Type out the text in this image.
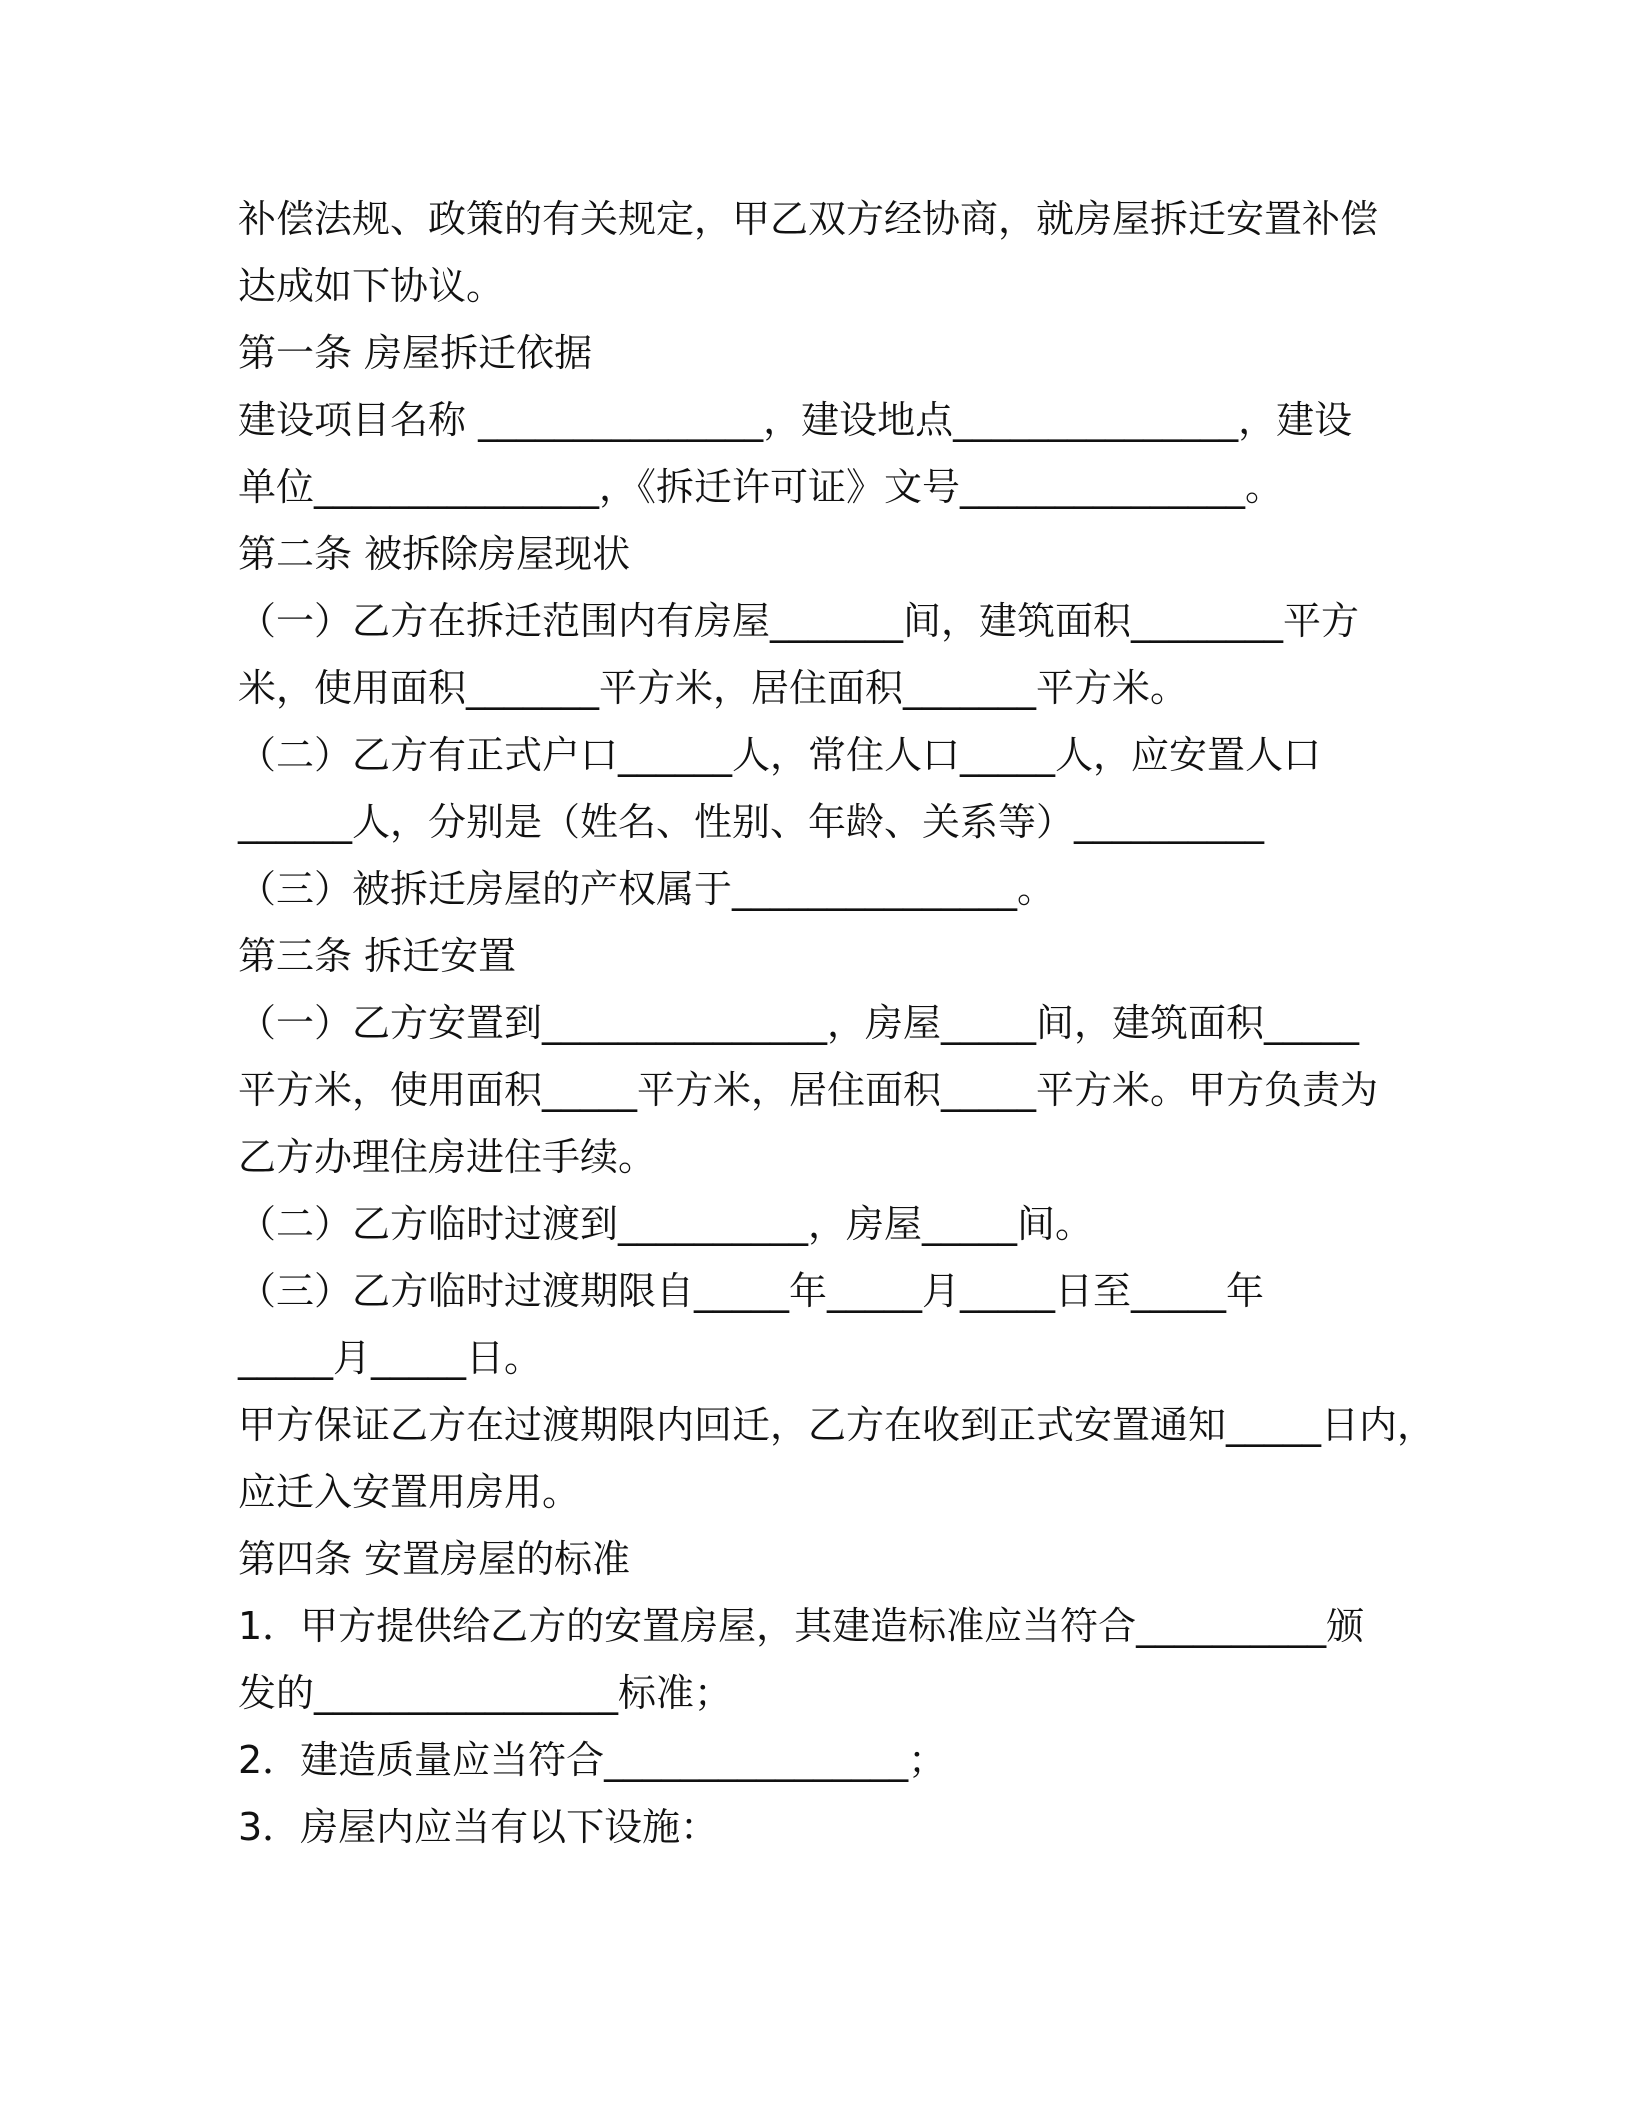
补偿法规、政策的有关规定，甲乙双方经协商，就房屋拆迁安置补偿
达成如下协议。
第一条 房屋拆迁依据
建设项目名称 _______________，建设地点_______________，建设
单位_______________，《拆迁许可证》文号_______________。
第二条 被拆除房屋现状
（一）乙方在拆迁范围内有房屋_______间，建筑面积________平方
米，使用面积_______平方米，居住面积_______平方米。
（二）乙方有正式户口______人，常住人口_____人，应安置人口
______人，分别是（姓名、性别、年龄、关系等）__________
（三）被拆迁房屋的产权属于_______________。
第三条 拆迁安置
（一）乙方安置到_______________，房屋_____间，建筑面积_____
平方米，使用面积_____平方米，居住面积_____平方米。甲方负责为
乙方办理住房进住手续。
（二）乙方临时过渡到__________，房屋_____间。
（三）乙方临时过渡期限自_____年_____月_____日至_____年
_____月_____日。
甲方保证乙方在过渡期限内回迁，乙方在收到正式安置通知_____日内，
应迁入安置用房用。
第四条 安置房屋的标准
1．甲方提供给乙方的安置房屋，其建造标准应当符合__________颁
发的________________标准；
2．建造质量应当符合________________；
3．房屋内应当有以下设施：
